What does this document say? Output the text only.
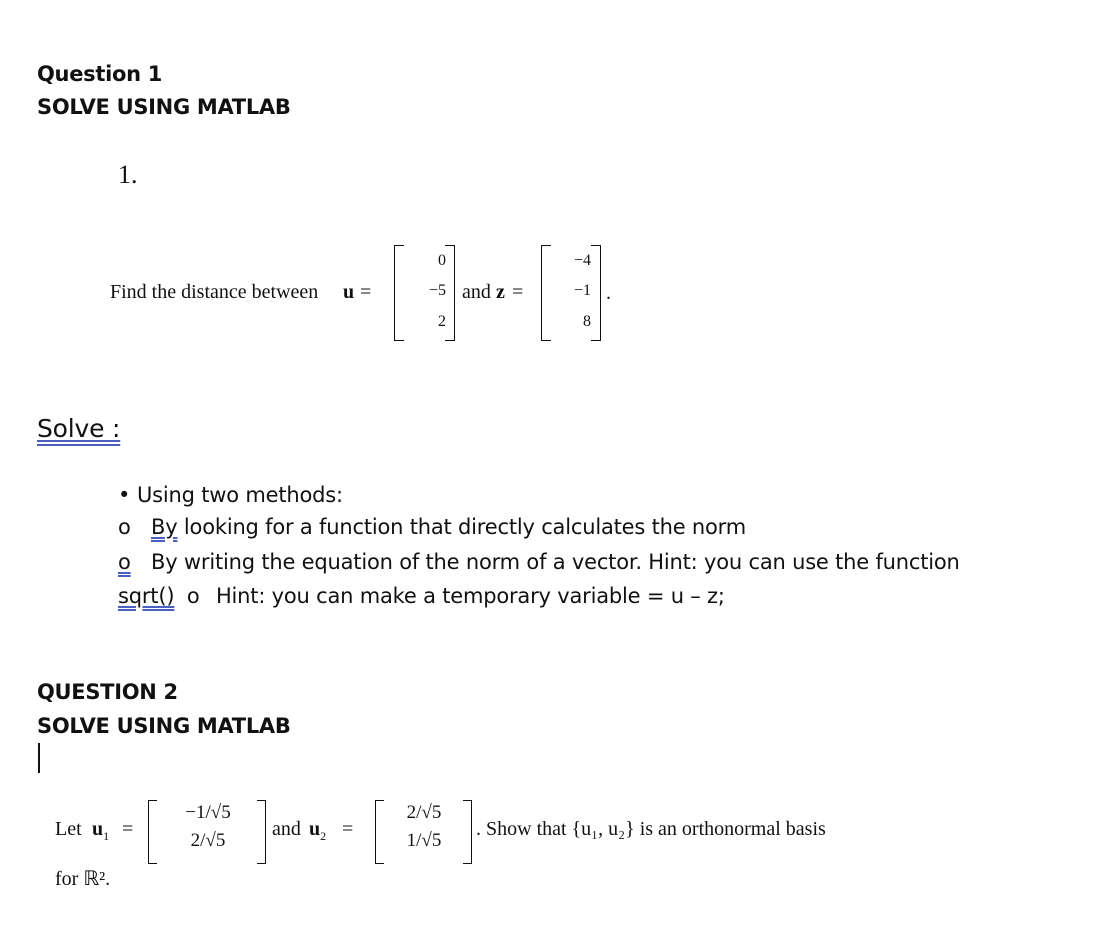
Question 1
SOLVE USING MATLAB
1.
Find the distance between u =
0
−5
2
and z =
−4
−1
8
.
Solve :
• Using two methods:
o By looking for a function that directly calculates the norm
o By writing the equation of the norm of a vector. Hint: you can use the function
sqrt() o Hint: you can make a temporary variable = u – z;
QUESTION 2
SOLVE USING MATLAB
Let $u_1$ =
−1/√5
2/√5
and $u_2$ =
2/√5
1/√5
. Show that {u₁, u₂} is an orthonormal basis
for ℝ².
